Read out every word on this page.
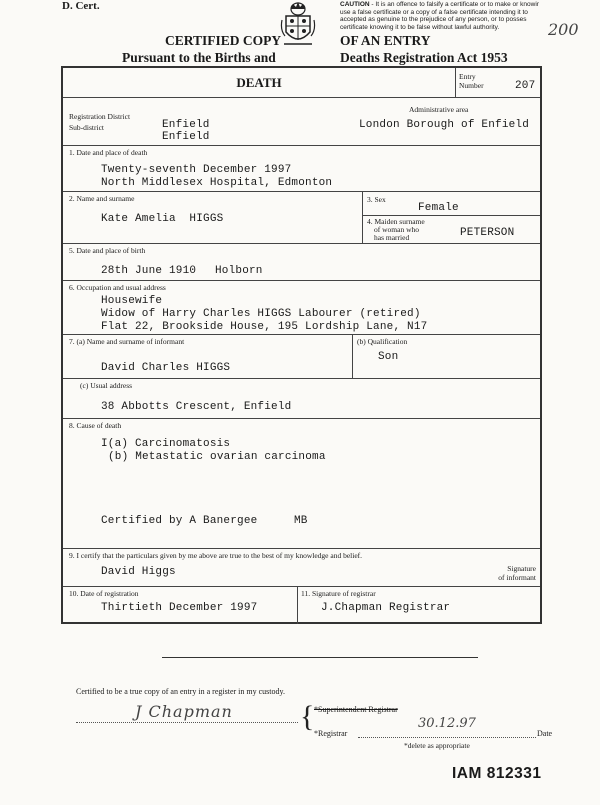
D. Cert.
CERTIFIED COPY
Pursuant to the Births and
OF AN ENTRY
Deaths Registration Act 1953
CAUTION - It is an offence to falsify a certificate or to make or knowir
use a false certificate or a copy of a false certificate intending it to
accepted as genuine to the prejudice of any person, or to posses
certificate knowing it to be false without lawful authority.	200
DEATH	Entry
Number	207
Registration District
Sub-district	Enfield
Enfield
Administrative area
London Borough of Enfield
1. Date and place of death
Twenty-seventh December 1997
North Middlesex Hospital, Edmonton
2. Name and surname
Kate Amelia  HIGGS
3. Sex
Female
4. Maiden surname
of woman who
has married	PETERSON
5. Date and place of birth
28th June 1910 Holborn
6. Occupation and usual address
Housewife
Widow of Harry Charles HIGGS Labourer (retired)
Flat 22, Brookside House, 195 Lordship Lane, N17
7. (a) Name and surname of informant
David Charles HIGGS
(b) Qualification
Son
(c) Usual address
38 Abbotts Crescent, Enfield
8. Cause of death
I(a) Carcinomatosis
(b) Metastatic ovarian carcinoma
Certified by A Banergee	MB
9. I certify that the particulars given by me above are true to the best of my knowledge and belief.
David Higgs	Signature
of informant
10. Date of registration
Thirtieth December 1997
11. Signature of registrar
J.Chapman Registrar
Certified to be a true copy of an entry in a register in my custody.
J Chapman { *Superintendent Registrar
*Registrar
30.12.97
Date
*delete as appropriate
IAM 812331
